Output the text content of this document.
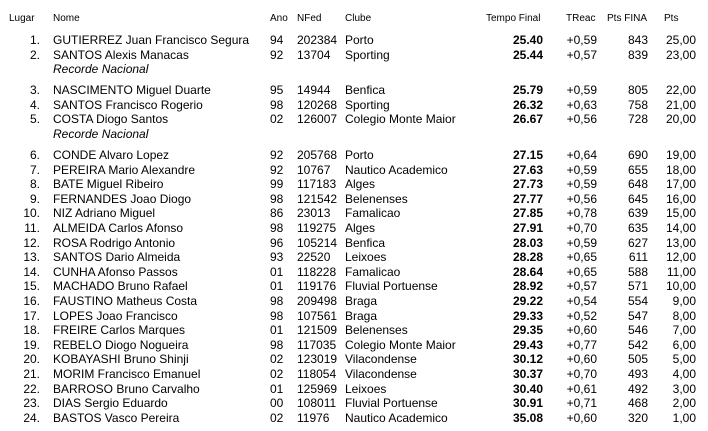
Lugar Nome	Ano NFed Clube	Tempo Final	TReac Pts FINA Pts
1. GUTIERREZ Juan Francisco Segura 94 202384 Porto	25.40	+0,59	843	25,00
2. SANTOS Alexis Manacas	92 13704 Sporting	25.44	+0,57	839	23,00
Recorde Nacional
3. NASCIMENTO Miguel Duarte	95 14944 Benfica	25.79	+0,59	805	22,00
4. SANTOS Francisco Rogerio	98 120268 Sporting	26.32	+0,63	758	21,00
5. COSTA Diogo Santos	02 126007 Colegio Monte Maior	26.67	+0,56	728	20,00
Recorde Nacional
6. CONDE Alvaro Lopez	92 205768 Porto	27.15	+0,64	690	19,00
7. PEREIRA Mario Alexandre	92 10767 Nautico Academico	27.63	+0,59	655	18,00
8. BATE Miguel Ribeiro	99 117183 Alges	27.73	+0,59	648	17,00
9. FERNANDES Joao Diogo	98 121542 Belenenses	27.77	+0,56	645	16,00
10. NIZ Adriano Miguel	86 23013 Famalicao	27.85	+0,78	639	15,00
11. ALMEIDA Carlos Afonso	98 119275 Alges	27.91	+0,70	635	14,00
12. ROSA Rodrigo Antonio	96 105214 Benfica	28.03	+0,59	627	13,00
13. SANTOS Dario Almeida	93 22520 Leixoes	28.28	+0,65	611	12,00
14. CUNHA Afonso Passos	01 118228 Famalicao	28.64	+0,65	588	11,00
15. MACHADO Bruno Rafael	01 119176 Fluvial Portuense	28.92	+0,57	571	10,00
16. FAUSTINO Matheus Costa	98 209498 Braga	29.22	+0,54	554	9,00
17. LOPES Joao Francisco	98 107561 Braga	29.33	+0,52	547	8,00
18. FREIRE Carlos Marques	01 121509 Belenenses	29.35	+0,60	546	7,00
19. REBELO Diogo Nogueira	98 117035 Colegio Monte Maior	29.43	+0,77	542	6,00
20. KOBAYASHI Bruno Shinji	02 123019 Vilacondense	30.12	+0,60	505	5,00
21. MORIM Francisco Emanuel	02 118054 Vilacondense	30.37	+0,70	493	4,00
22. BARROSO Bruno Carvalho	01 125969 Leixoes	30.40	+0,61	492	3,00
23. DIAS Sergio Eduardo	00 108011 Fluvial Portuense	30.91	+0,71	468	2,00
24. BASTOS Vasco Pereira	02 11976 Nautico Academico	35.08	+0,60	320	1,00
